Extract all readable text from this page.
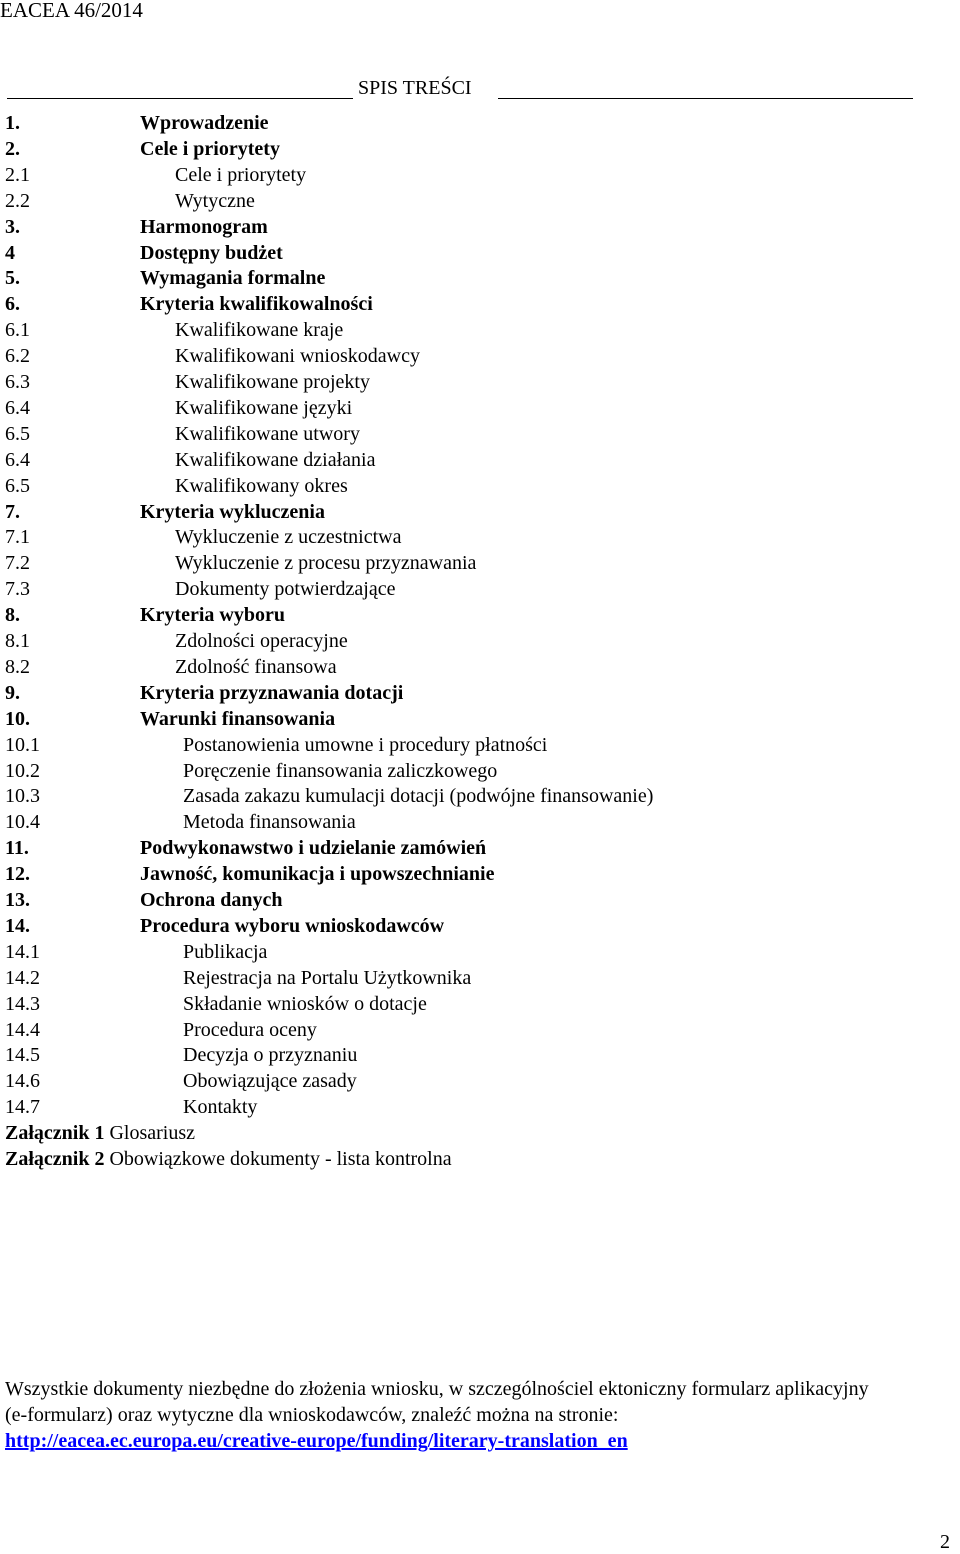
EACEA 46/2014
SPIS TREŚCI
1.	Wprowadzenie
2.	Cele i priorytety
2.1	Cele i priorytety
2.2	Wytyczne
3.	Harmonogram
4	Dostępny budżet
5.	Wymagania formalne
6.	Kryteria kwalifikowalności
6.1	Kwalifikowane kraje
6.2	Kwalifikowani wnioskodawcy
6.3	Kwalifikowane projekty
6.4	Kwalifikowane języki
6.5	Kwalifikowane utwory
6.4	Kwalifikowane działania
6.5	Kwalifikowany okres
7.	Kryteria wykluczenia
7.1	Wykluczenie z uczestnictwa
7.2	Wykluczenie z procesu przyznawania
7.3	Dokumenty potwierdzające
8.	Kryteria wyboru
8.1	Zdolności operacyjne
8.2	Zdolność finansowa
9.	Kryteria przyznawania dotacji
10.	Warunki finansowania
10.1	Postanowienia umowne i procedury płatności
10.2	Poręczenie finansowania zaliczkowego
10.3	Zasada zakazu kumulacji dotacji (podwójne finansowanie)
10.4	Metoda finansowania
11.	Podwykonawstwo i udzielanie zamówień
12.	Jawność, komunikacja i upowszechnianie
13.	Ochrona danych
14.	Procedura wyboru wnioskodawców
14.1	Publikacja
14.2	Rejestracja na Portalu Użytkownika
14.3	Składanie wniosków o dotacje
14.4	Procedura oceny
14.5	Decyzja o przyznaniu
14.6	Obowiązujące zasady
14.7	Kontakty
Załącznik 1 Glosariusz
Załącznik 2 Obowiązkowe dokumenty - lista kontrolna
Wszystkie dokumenty niezbędne do złożenia wniosku, w szczególnościel ektoniczny formularz aplikacyjny
(e-formularz) oraz wytyczne dla wnioskodawców, znaleźć można na stronie:
http://eacea.ec.europa.eu/creative-europe/funding/literary-translation_en
2
